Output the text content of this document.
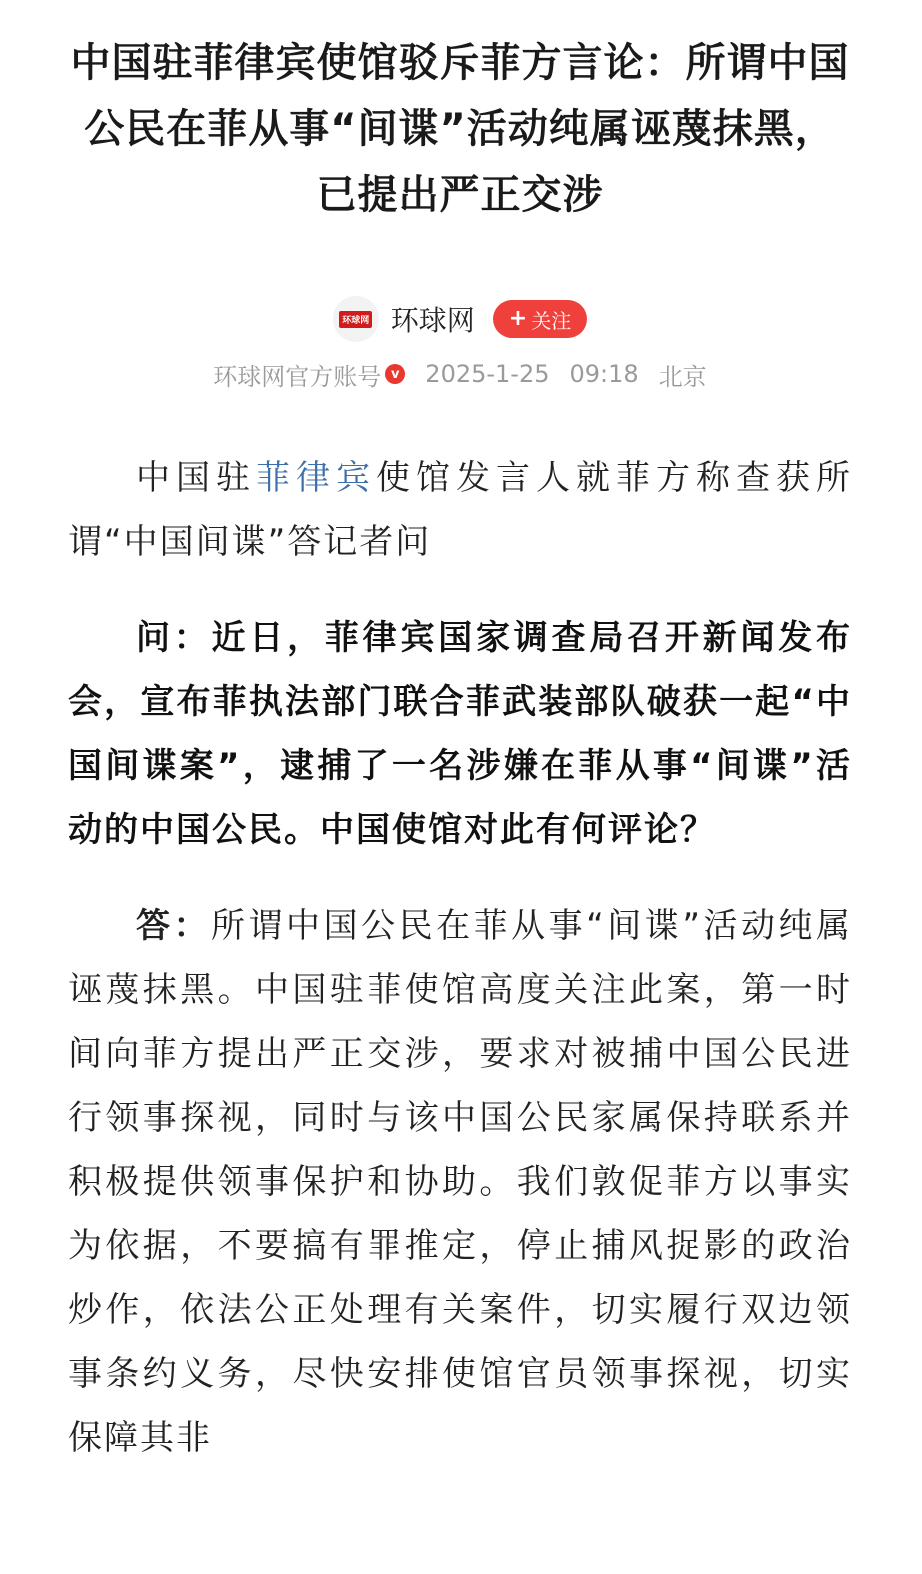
中国驻菲律宾使馆驳斥菲方言论：所谓中国公民在菲从事“间谍”活动纯属诬蔑抹黑，已提出严正交涉
环球网 环球网 + 关注
环球网官方账号 v 2025-1-25 09:18 北京

中国驻菲律宾使馆发言人就菲方称查获所谓“中国间谍”答记者问

问：近日，菲律宾国家调查局召开新闻发布会，宣布菲执法部门联合菲武装部队破获一起“中国间谍案”，逮捕了一名涉嫌在菲从事“间谍”活动的中国公民。中国使馆对此有何评论？

答：所谓中国公民在菲从事“间谍”活动纯属诬蔑抹黑。中国驻菲使馆高度关注此案，第一时间向菲方提出严正交涉，要求对被捕中国公民进行领事探视，同时与该中国公民家属保持联系并积极提供领事保护和协助。我们敦促菲方以事实为依据，不要搞有罪推定，停止捕风捉影的政治炒作，依法公正处理有关案件，切实履行双边领事条约义务，尽快安排使馆官员领事探视，切实保障其非
